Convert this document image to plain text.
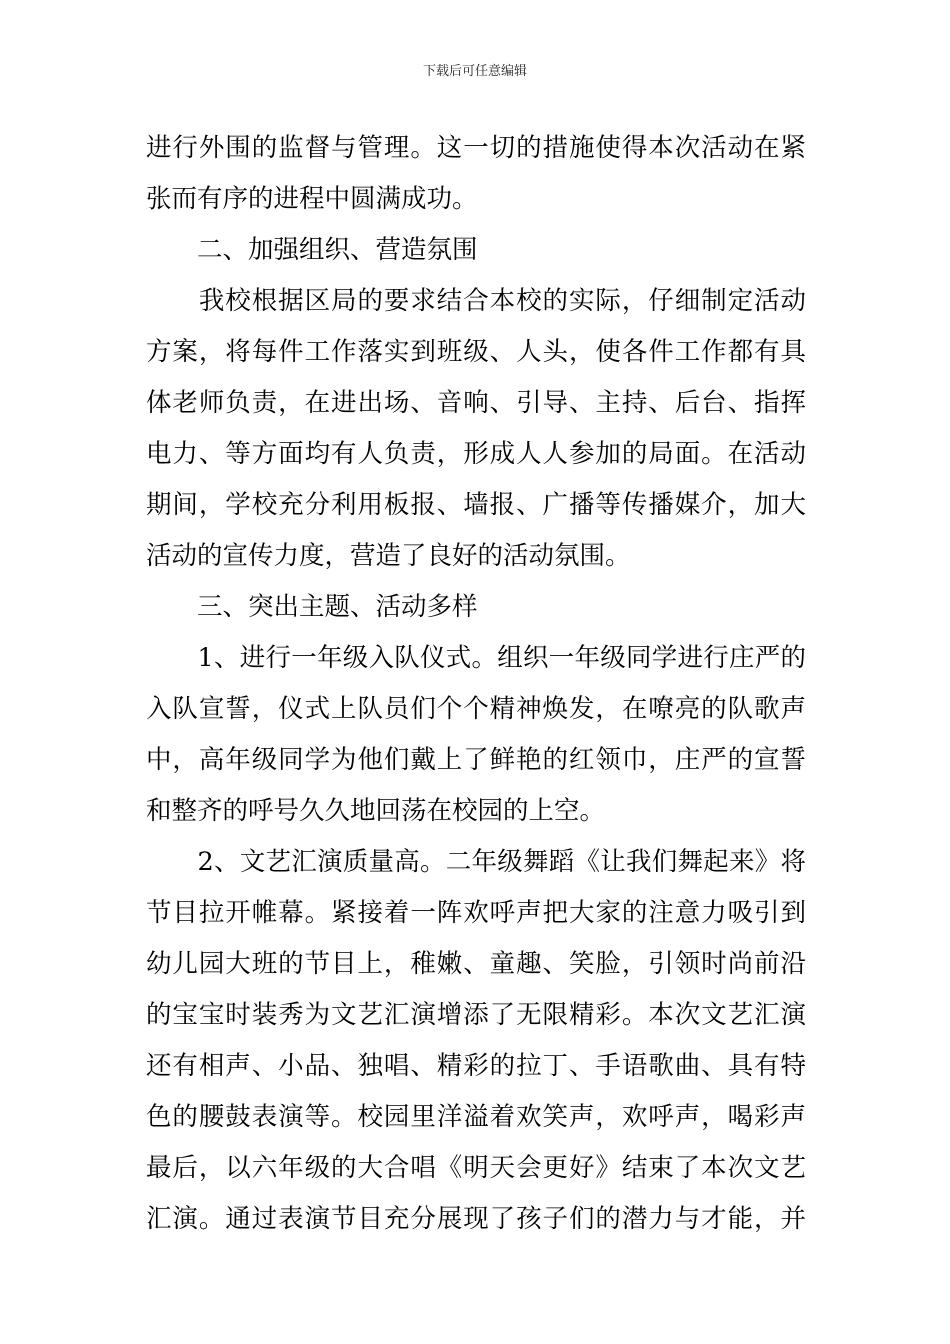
下载后可任意编辑
进行外围的监督与管理。这一切的措施使得本次活动在紧
张而有序的进程中圆满成功。
　　二、加强组织、营造氛围
　　我校根据区局的要求结合本校的实际，仔细制定活动
方案，将每件工作落实到班级、人头，使各件工作都有具
体老师负责，在进出场、音响、引导、主持、后台、指挥
电力、等方面均有人负责，形成人人参加的局面。在活动
期间，学校充分利用板报、墙报、广播等传播媒介，加大
活动的宣传力度，营造了良好的活动氛围。
　　三、突出主题、活动多样
　　1、进行一年级入队仪式。组织一年级同学进行庄严的
入队宣誓，仪式上队员们个个精神焕发，在嘹亮的队歌声
中，高年级同学为他们戴上了鲜艳的红领巾，庄严的宣誓
和整齐的呼号久久地回荡在校园的上空。
　　2、文艺汇演质量高。二年级舞蹈《让我们舞起来》将
节目拉开帷幕。紧接着一阵欢呼声把大家的注意力吸引到
幼儿园大班的节目上，稚嫩、童趣、笑脸，引领时尚前沿
的宝宝时装秀为文艺汇演增添了无限精彩。本次文艺汇演
还有相声、小品、独唱、精彩的拉丁、手语歌曲、具有特
色的腰鼓表演等。校园里洋溢着欢笑声，欢呼声，喝彩声
最后，以六年级的大合唱《明天会更好》结束了本次文艺
汇演。通过表演节目充分展现了孩子们的潜力与才能，并
